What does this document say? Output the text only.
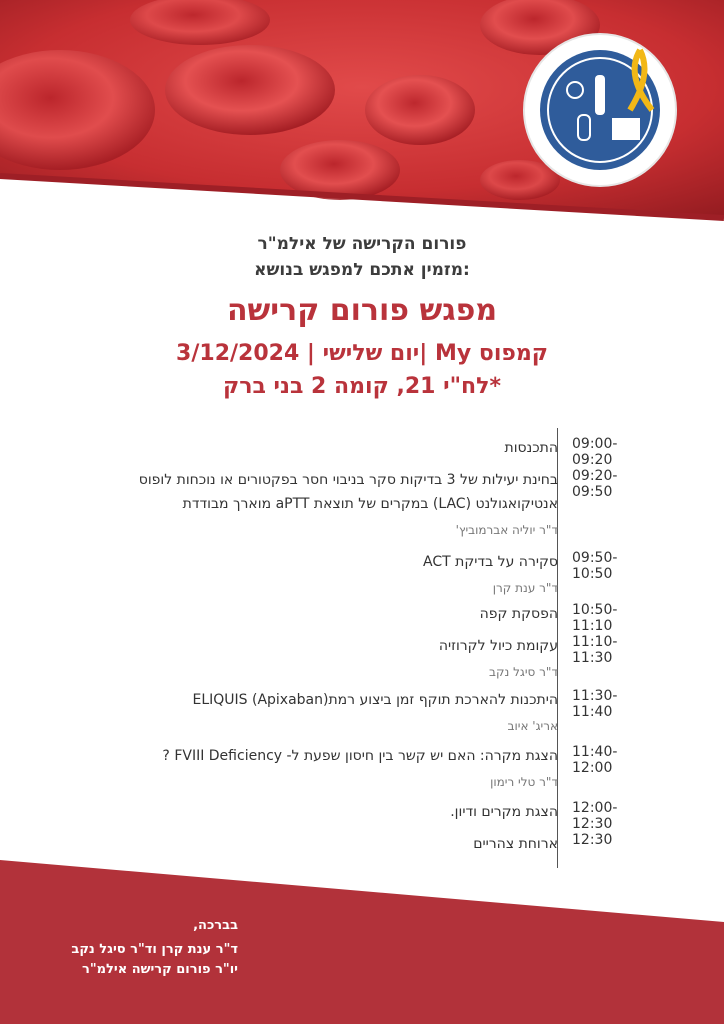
פורום הקרישה של אילמ"ר
מזמין אתכם למפגש בנושא:
מפגש פורום קרישה
3/12/2024 | יום שלישי| My קמפוס
לח"י 21, קומה 2 בני ברק*
09:00-09:20
התכנסות
09:20-09:50
בחינת יעילות של 3 בדיקות סקר בניבוי חסר בפקטורים או נוכחות לופוס אנטיקואגולנט (LAC) במקרים של תוצאת aPTT מוארך מבודדת
ד"ר יוליה אברמוביץ'
09:50-10:50
סקירה על בדיקת ACT
ד"ר ענת קרן
10:50-11:10
הפסקת קפה
11:10-11:30
עקומת כיול לקרוזיה
ד"ר סיגל נקב
11:30-11:40
היתכנות להארכת תוקף זמן ביצוע רמתELIQUIS (Apixaban)
אריג' איוב
11:40-12:00
הצגת מקרה: האם יש קשר בין חיסון שפעת ל- FVIII Deficiency ?
ד"ר טלי רימון
12:00-12:30
הצגת מקרים ודיון.
12:30
ארוחת צהריים
בברכה,
ד"ר ענת קרן וד"ר סיגל נקב
יו"ר פורום קרישה אילמ"ר
